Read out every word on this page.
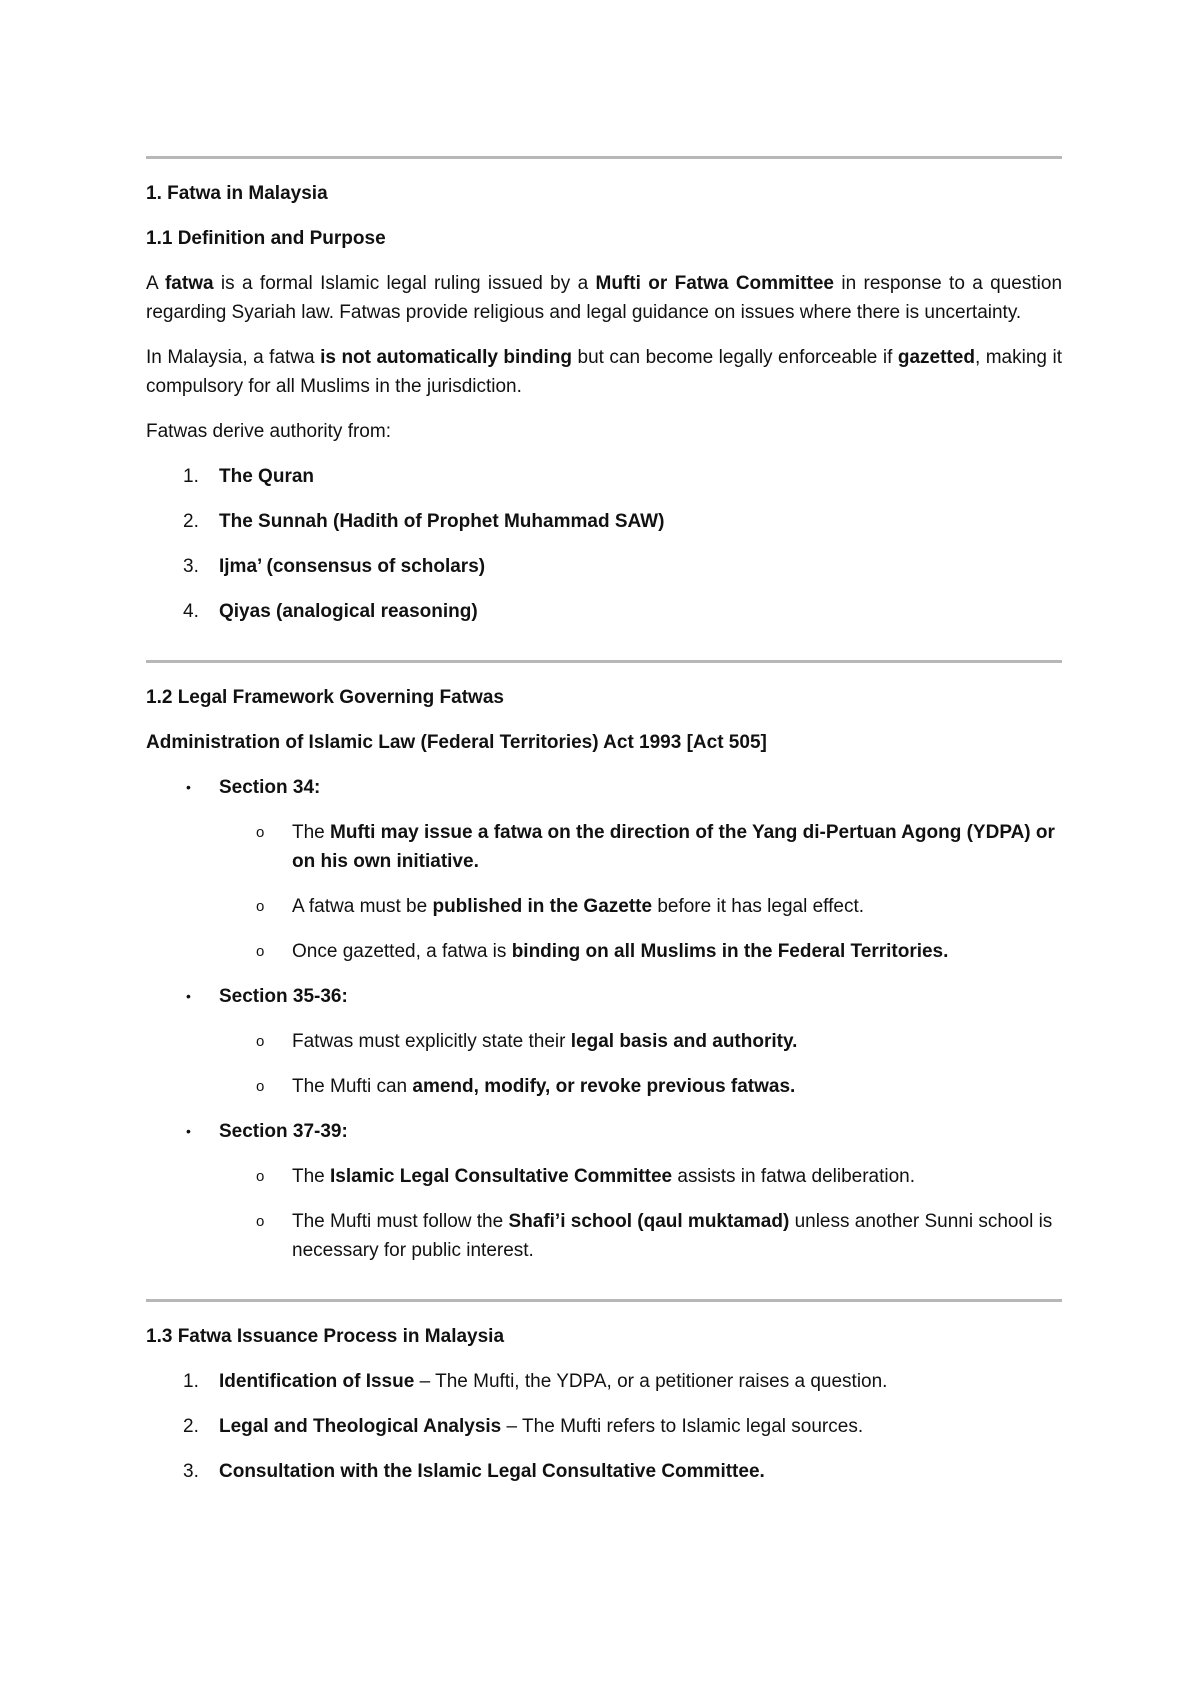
1. Fatwa in Malaysia
1.1 Definition and Purpose

A fatwa is a formal Islamic legal ruling issued by a Mufti or Fatwa Committee in response to a question regarding Syariah law. Fatwas provide religious and legal guidance on issues where there is uncertainty.

In Malaysia, a fatwa is not automatically binding but can become legally enforceable if gazetted, making it compulsory for all Muslims in the jurisdiction.

Fatwas derive authority from:

1. The Quran
2. The Sunnah (Hadith of Prophet Muhammad SAW)
3. Ijma’ (consensus of scholars)
4. Qiyas (analogical reasoning)
1.2 Legal Framework Governing Fatwas

Administration of Islamic Law (Federal Territories) Act 1993 [Act 505]

• Section 34:
o The Mufti may issue a fatwa on the direction of the Yang di-Pertuan Agong (YDPA) or on his own initiative.
o A fatwa must be published in the Gazette before it has legal effect.
o Once gazetted, a fatwa is binding on all Muslims in the Federal Territories.
• Section 35-36:
o Fatwas must explicitly state their legal basis and authority.
o The Mufti can amend, modify, or revoke previous fatwas.
• Section 37-39:
o The Islamic Legal Consultative Committee assists in fatwa deliberation.
o The Mufti must follow the Shafi’i school (qaul muktamad) unless another Sunni school is necessary for public interest.
1.3 Fatwa Issuance Process in Malaysia
1. Identification of Issue – The Mufti, the YDPA, or a petitioner raises a question.
2. Legal and Theological Analysis – The Mufti refers to Islamic legal sources.
3. Consultation with the Islamic Legal Consultative Committee.
